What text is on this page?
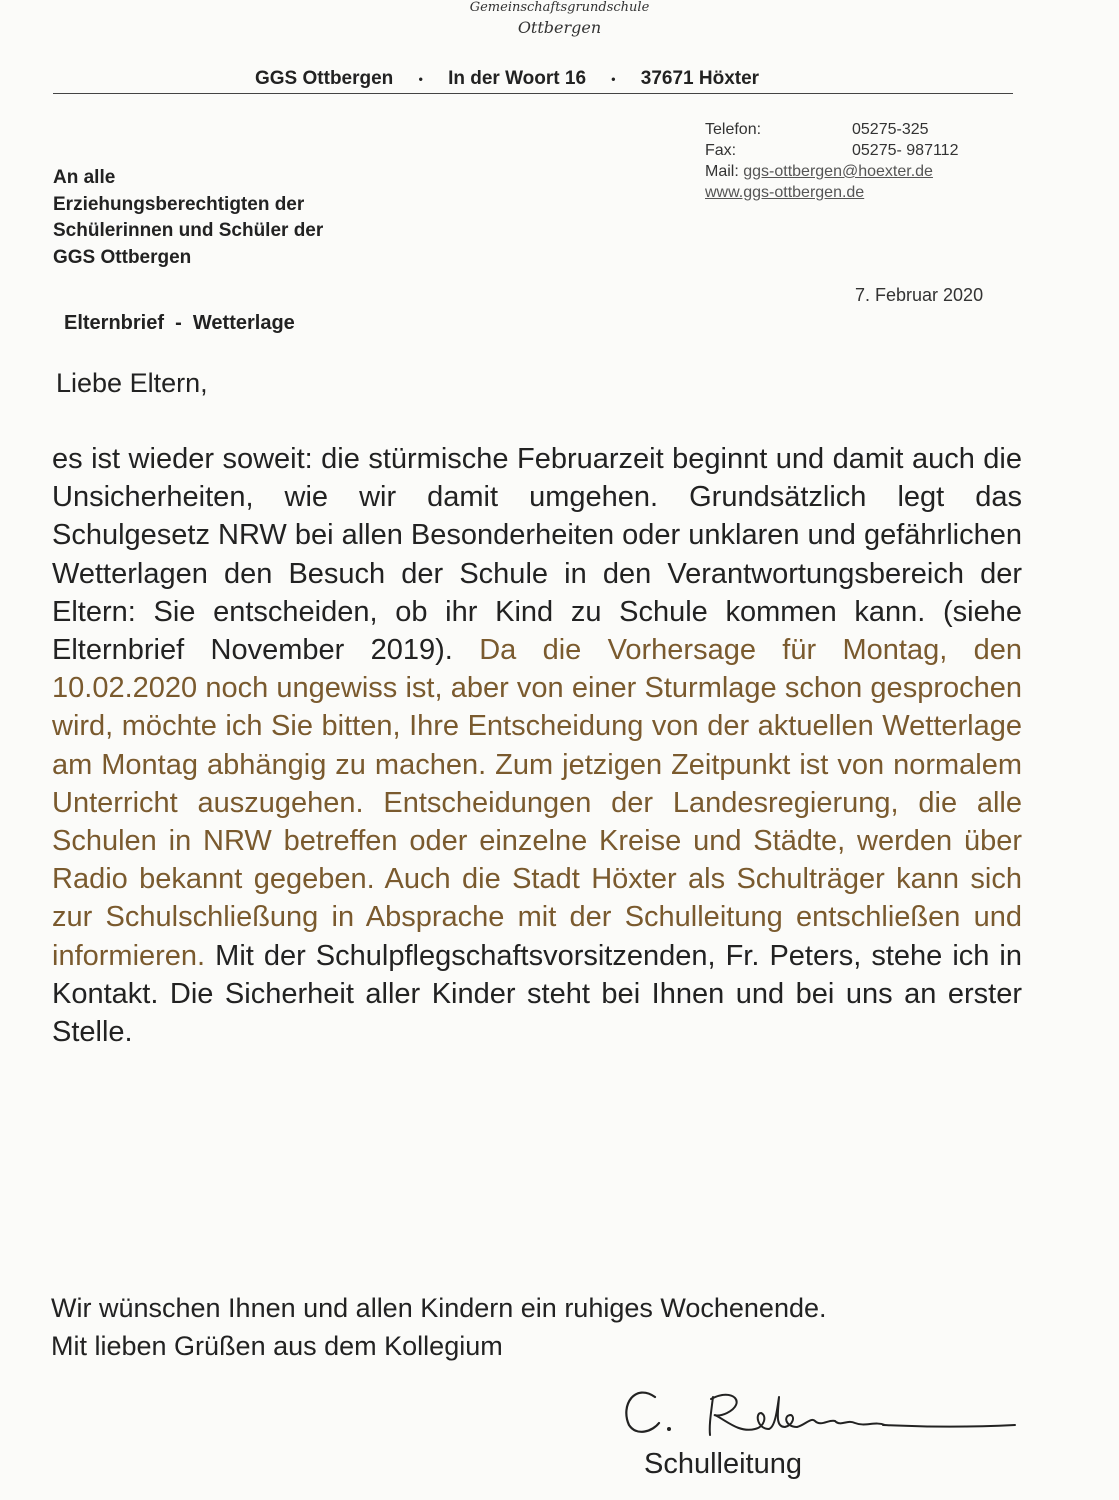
Gemeinschaftsgrundschule
Ottbergen
GGS Ottbergen • In der Woort 16 • 37671 Höxter
Telefon:	05275-325
Fax:	05275- 987112
Mail: ggs-ottbergen@hoexter.de
www.ggs-ottbergen.de
An alle
Erziehungsberechtigten der
Schülerinnen und Schüler der
GGS Ottbergen
7. Februar 2020
Elternbrief  -  Wetterlage
Liebe Eltern,
es ist wieder soweit: die stürmische Februarzeit beginnt und damit auch die Unsicherheiten, wie wir damit umgehen. Grundsätzlich legt das Schulgesetz NRW bei allen Besonderheiten oder unklaren und gefährlichen Wetterlagen den Besuch der Schule in den Verantwortungsbereich der Eltern: Sie entscheiden, ob ihr Kind zu Schule kommen kann. (siehe Elternbrief November 2019). Da die Vorhersage für Montag, den 10.02.2020 noch ungewiss ist, aber von einer Sturmlage schon gesprochen wird, möchte ich Sie bitten, Ihre Entscheidung von der aktuellen Wetterlage am Montag abhängig zu machen. Zum jetzigen Zeitpunkt ist von normalem Unterricht auszugehen. Entscheidungen der Landesregierung, die alle Schulen in NRW betreffen oder einzelne Kreise und Städte, werden über Radio bekannt gegeben. Auch die Stadt Höxter als Schulträger kann sich zur Schulschließung in Absprache mit der Schulleitung entschließen und informieren. Mit der Schulpflegschaftsvorsitzenden, Fr. Peters, stehe ich in Kontakt. Die Sicherheit aller Kinder steht bei Ihnen und bei uns an erster Stelle.
Wir wünschen Ihnen und allen Kindern ein ruhiges Wochenende.
Mit lieben Grüßen aus dem Kollegium
Schulleitung
